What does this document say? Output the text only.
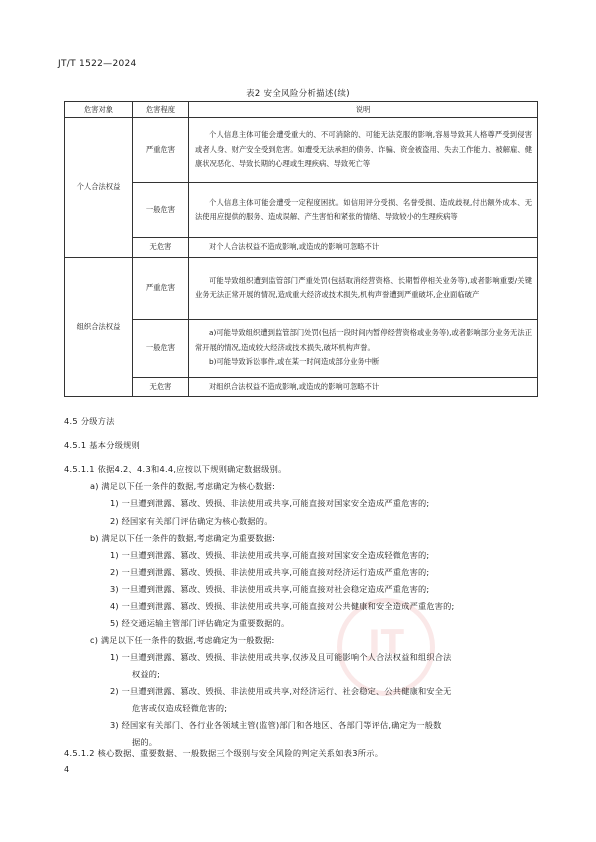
JT/T 1522—2024
表2 安全风险分析描述(续)
危害对象	危害程度	说明
个人合法权益	严重危害	个人信息主体可能会遭受重大的、不可消除的、可能无法克服的影响,容易导致其人格尊严受到侵害或者人身、财产安全受到危害。如遭受无法承担的债务、诈骗、资金被盗用、失去工作能力、被解雇、健康状况恶化、导致长期的心理或生理疾病、导致死亡等

	一般危害	个人信息主体可能会遭受一定程度困扰。如信用评分受损、名誉受损、造成歧视,付出额外成本、无法使用应提供的服务、造成误解、产生害怕和紧张的情绪、导致较小的生理疾病等

	无危害	对个人合法权益不造成影响,或造成的影响可忽略不计

组织合法权益	严重危害	可能导致组织遭到监管部门严重处罚(包括取消经营资格、长期暂停相关业务等),或者影响重要/关键业务无法正常开展的情况,造成重大经济或技术损失,机构声誉遭到严重破坏,企业面临破产

	一般危害	a)可能导致组织遭到监管部门处罚(包括一段时间内暂停经营资格或业务等),或者影响部分业务无法正常开展的情况,造成较大经济或技术损失,破坏机构声誉。

b)可能导致诉讼事件,或在某一时间造成部分业务中断

	无危害	对组织合法权益不造成影响,或造成的影响可忽略不计

JT
4.5 分级方法
4.5.1 基本分级规则
4.5.1.1 依据4.2、4.3和4.4,应按以下规则确定数据级别。
a) 满足以下任一条件的数据,考虑确定为核心数据:
1) 一旦遭到泄露、篡改、毁损、非法使用或共享,可能直接对国家安全造成严重危害的;
2) 经国家有关部门评估确定为核心数据的。
b) 满足以下任一条件的数据,考虑确定为重要数据:
1) 一旦遭到泄露、篡改、毁损、非法使用或共享,可能直接对国家安全造成轻微危害的;
2) 一旦遭到泄露、篡改、毁损、非法使用或共享,可能直接对经济运行造成严重危害的;
3) 一旦遭到泄露、篡改、毁损、非法使用或共享,可能直接对社会稳定造成严重危害的;
4) 一旦遭到泄露、篡改、毁损、非法使用或共享,可能直接对公共健康和安全造成严重危害的;
5) 经交通运输主管部门评估确定为重要数据的。
c) 满足以下任一条件的数据,考虑确定为一般数据:
1) 一旦遭到泄露、篡改、毁损、非法使用或共享,仅涉及且可能影响个人合法权益和组织合法
权益的;
2) 一旦遭到泄露、篡改、毁损、非法使用或共享,对经济运行、社会稳定、公共健康和安全无
危害或仅造成轻微危害的;
3) 经国家有关部门、各行业各领域主管(监管)部门和各地区、各部门等评估,确定为一般数
据的。
4.5.1.2 核心数据、重要数据、一般数据三个级别与安全风险的判定关系如表3所示。
4
